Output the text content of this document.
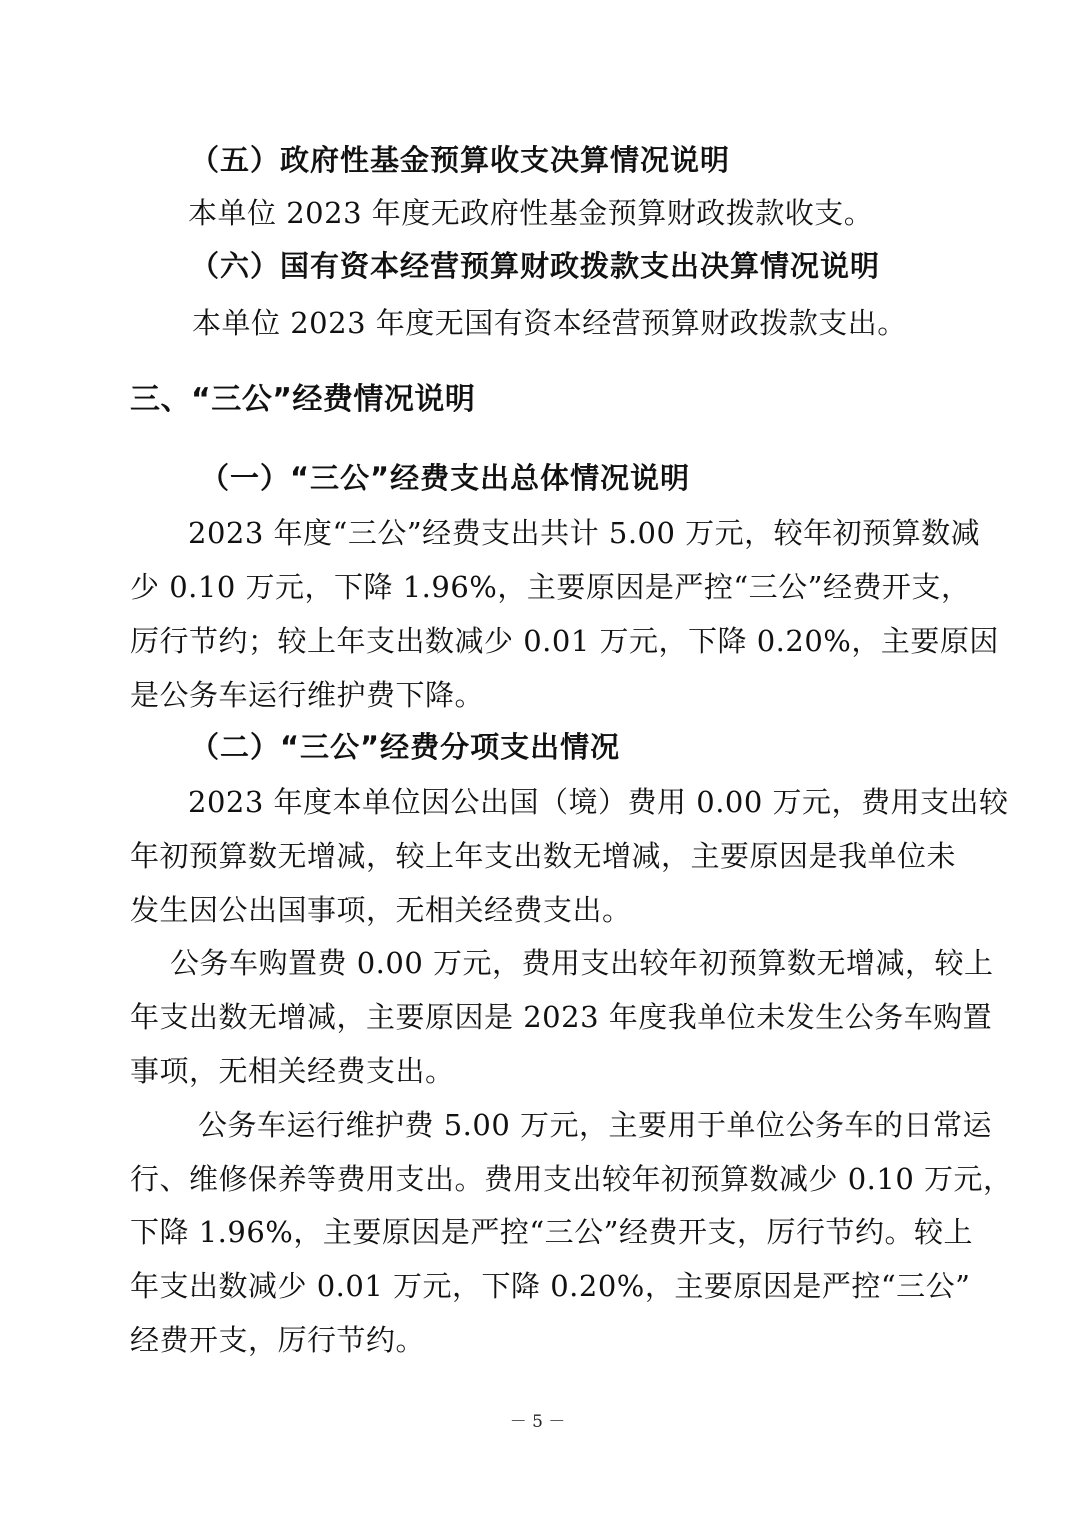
（五）政府性基金预算收支决算情况说明
本单位 2023 年度无政府性基金预算财政拨款收支。
（六）国有资本经营预算财政拨款支出决算情况说明
本单位 2023 年度无国有资本经营预算财政拨款支出。
三、“三公”经费情况说明
（一）“三公”经费支出总体情况说明
2023 年度“三公”经费支出共计 5.00 万元，较年初预算数减
少 0.10 万元，下降 1.96%，主要原因是严控“三公”经费开支，
厉行节约；较上年支出数减少 0.01 万元，下降 0.20%，主要原因
是公务车运行维护费下降。
（二）“三公”经费分项支出情况
2023 年度本单位因公出国（境）费用 0.00 万元，费用支出较
年初预算数无增减，较上年支出数无增减，主要原因是我单位未
发生因公出国事项，无相关经费支出。
公务车购置费 0.00 万元，费用支出较年初预算数无增减，较上
年支出数无增减，主要原因是 2023 年度我单位未发生公务车购置
事项，无相关经费支出。
公务车运行维护费 5.00 万元，主要用于单位公务车的日常运
行、维修保养等费用支出。费用支出较年初预算数减少 0.10 万元，
下降 1.96%，主要原因是严控“三公”经费开支，厉行节约。较上
年支出数减少 0.01 万元，下降 0.20%，主要原因是严控“三公”
经费开支，厉行节约。
－ 5 －
